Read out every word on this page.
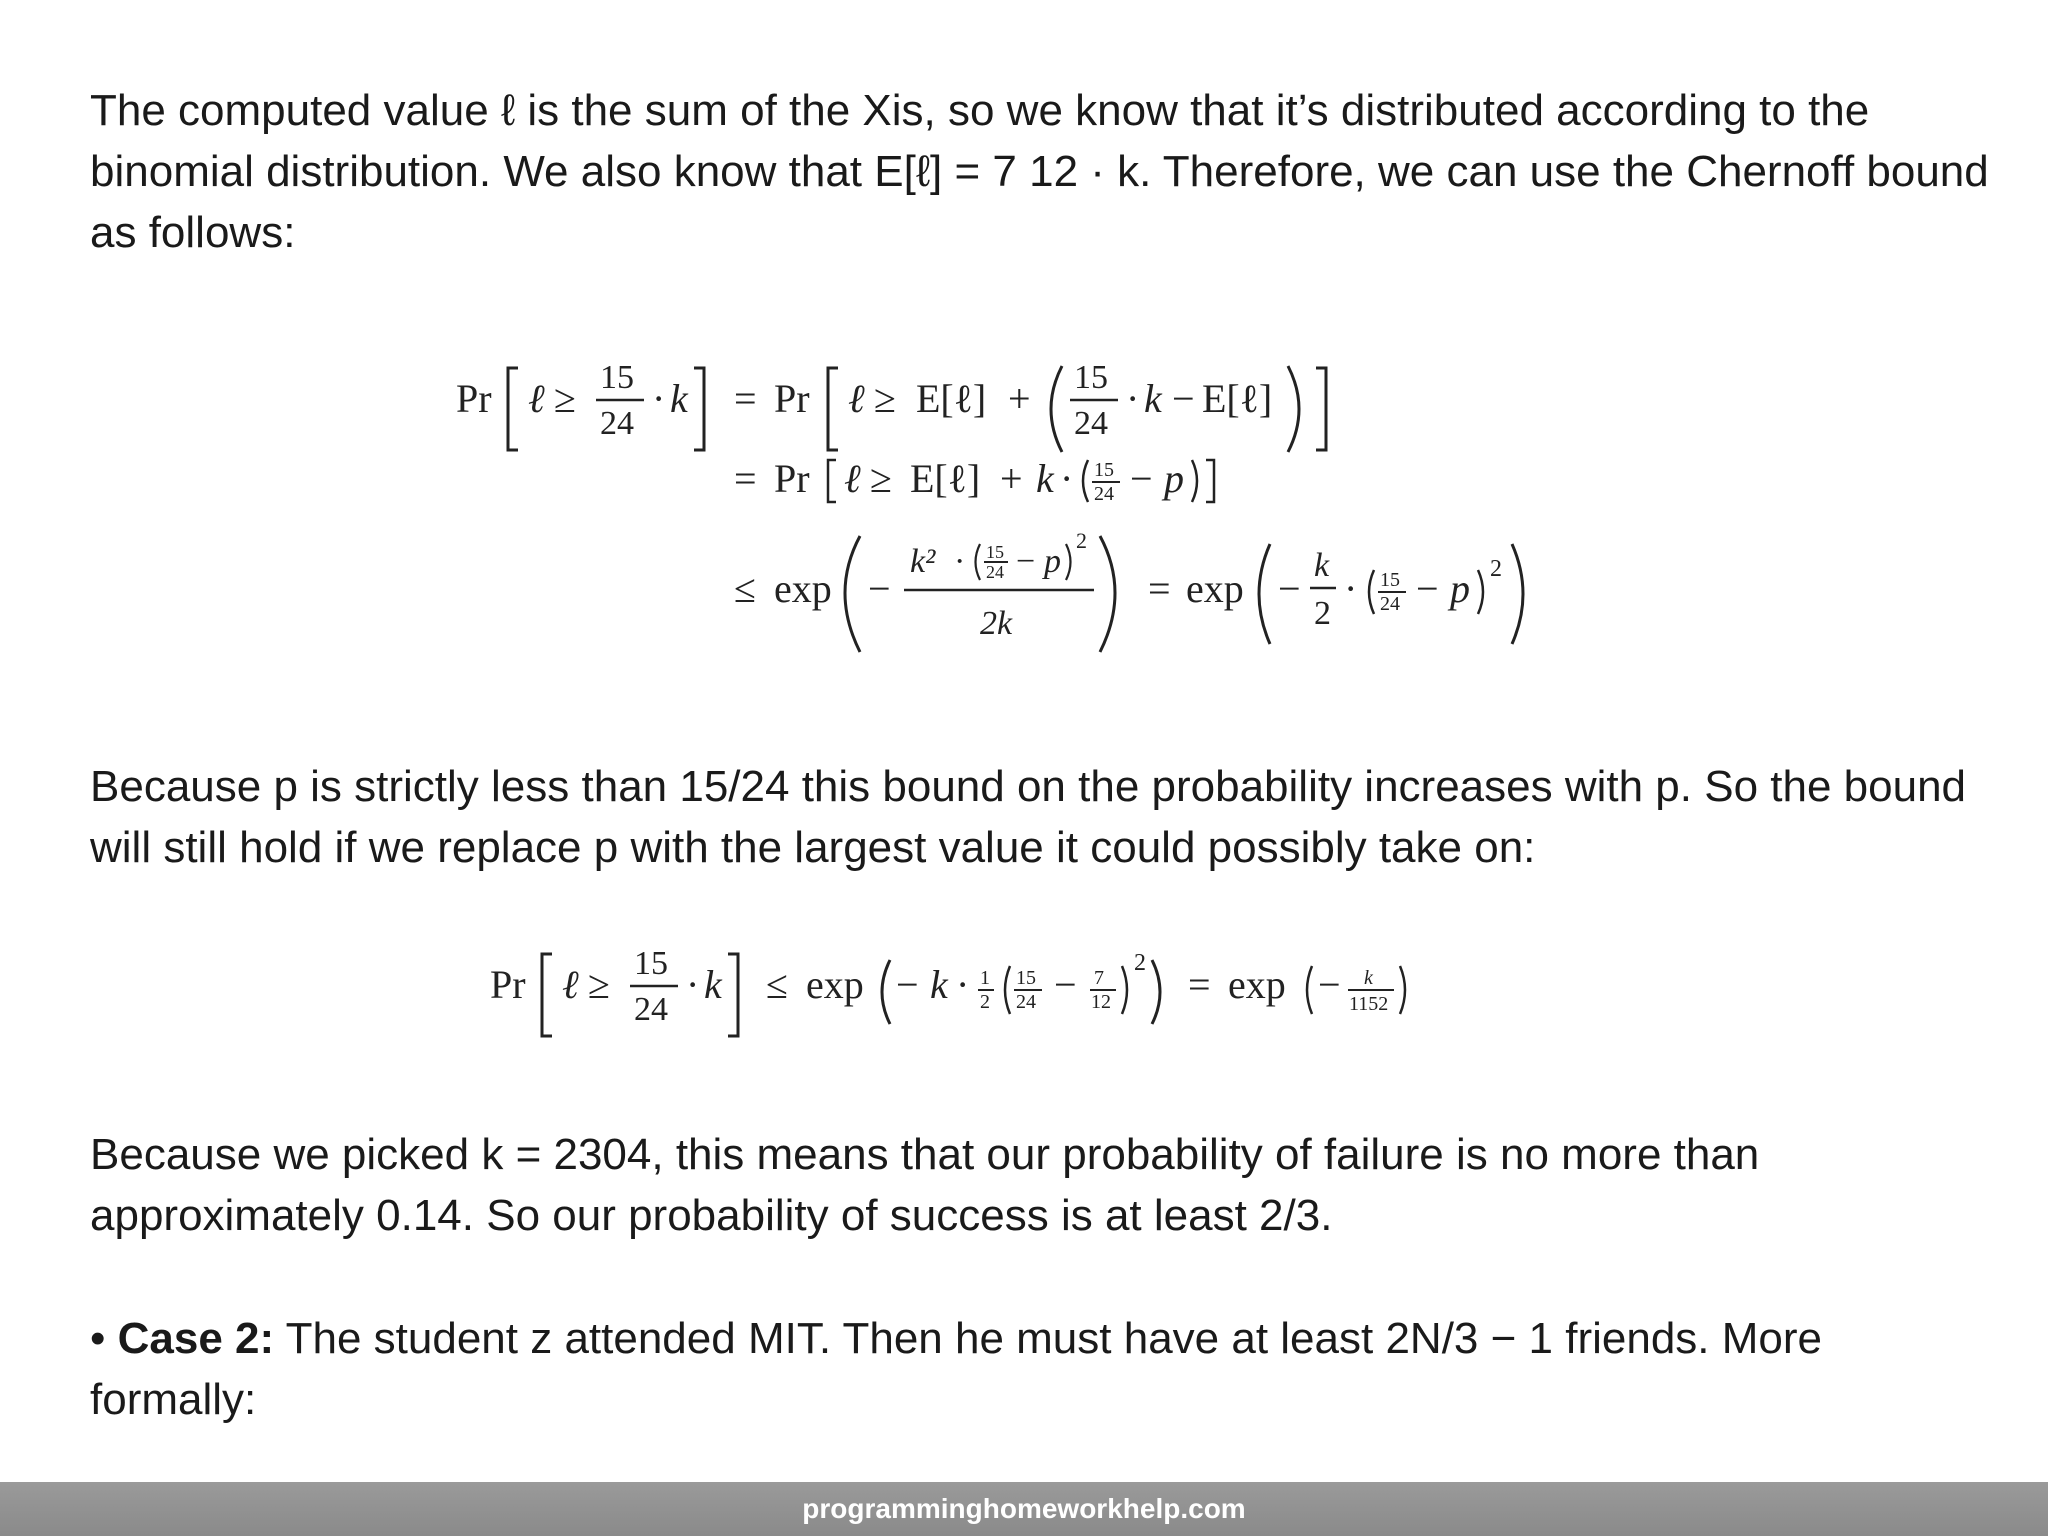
The computed value ℓ is the sum of the Xis, so we know that it’s distributed according to the binomial distribution. We also know that E[ℓ] = 7 12 · k. Therefore, we can use the Chernoff bound as follows:

Pr ℓ ≥ 15
24
· k = Pr ℓ ≥ E[ℓ] + 15
24
· k − E[ℓ]
= Pr ℓ ≥ E[ℓ] + k · 15
24 − p
≤ exp −
k² · 15
24 − p
2
2k
= exp −
k
2
· 15
24 − p 2

Because p is strictly less than 15/24 this bound on the probability increases with p. So the bound will still hold if we replace p with the largest value it could possibly take on:

Pr ℓ ≥ 15
24
· k ≤ exp − k · 1
2
15
24 − 7
12
2 = exp − k
1152

Because we picked k = 2304, this means that our probability of failure is no more than approximately 0.14. So our probability of success is at least 2/3.

• Case 2: The student z attended MIT. Then he must have at least 2N/3 − 1 friends. More formally:

programminghomeworkhelp.com
